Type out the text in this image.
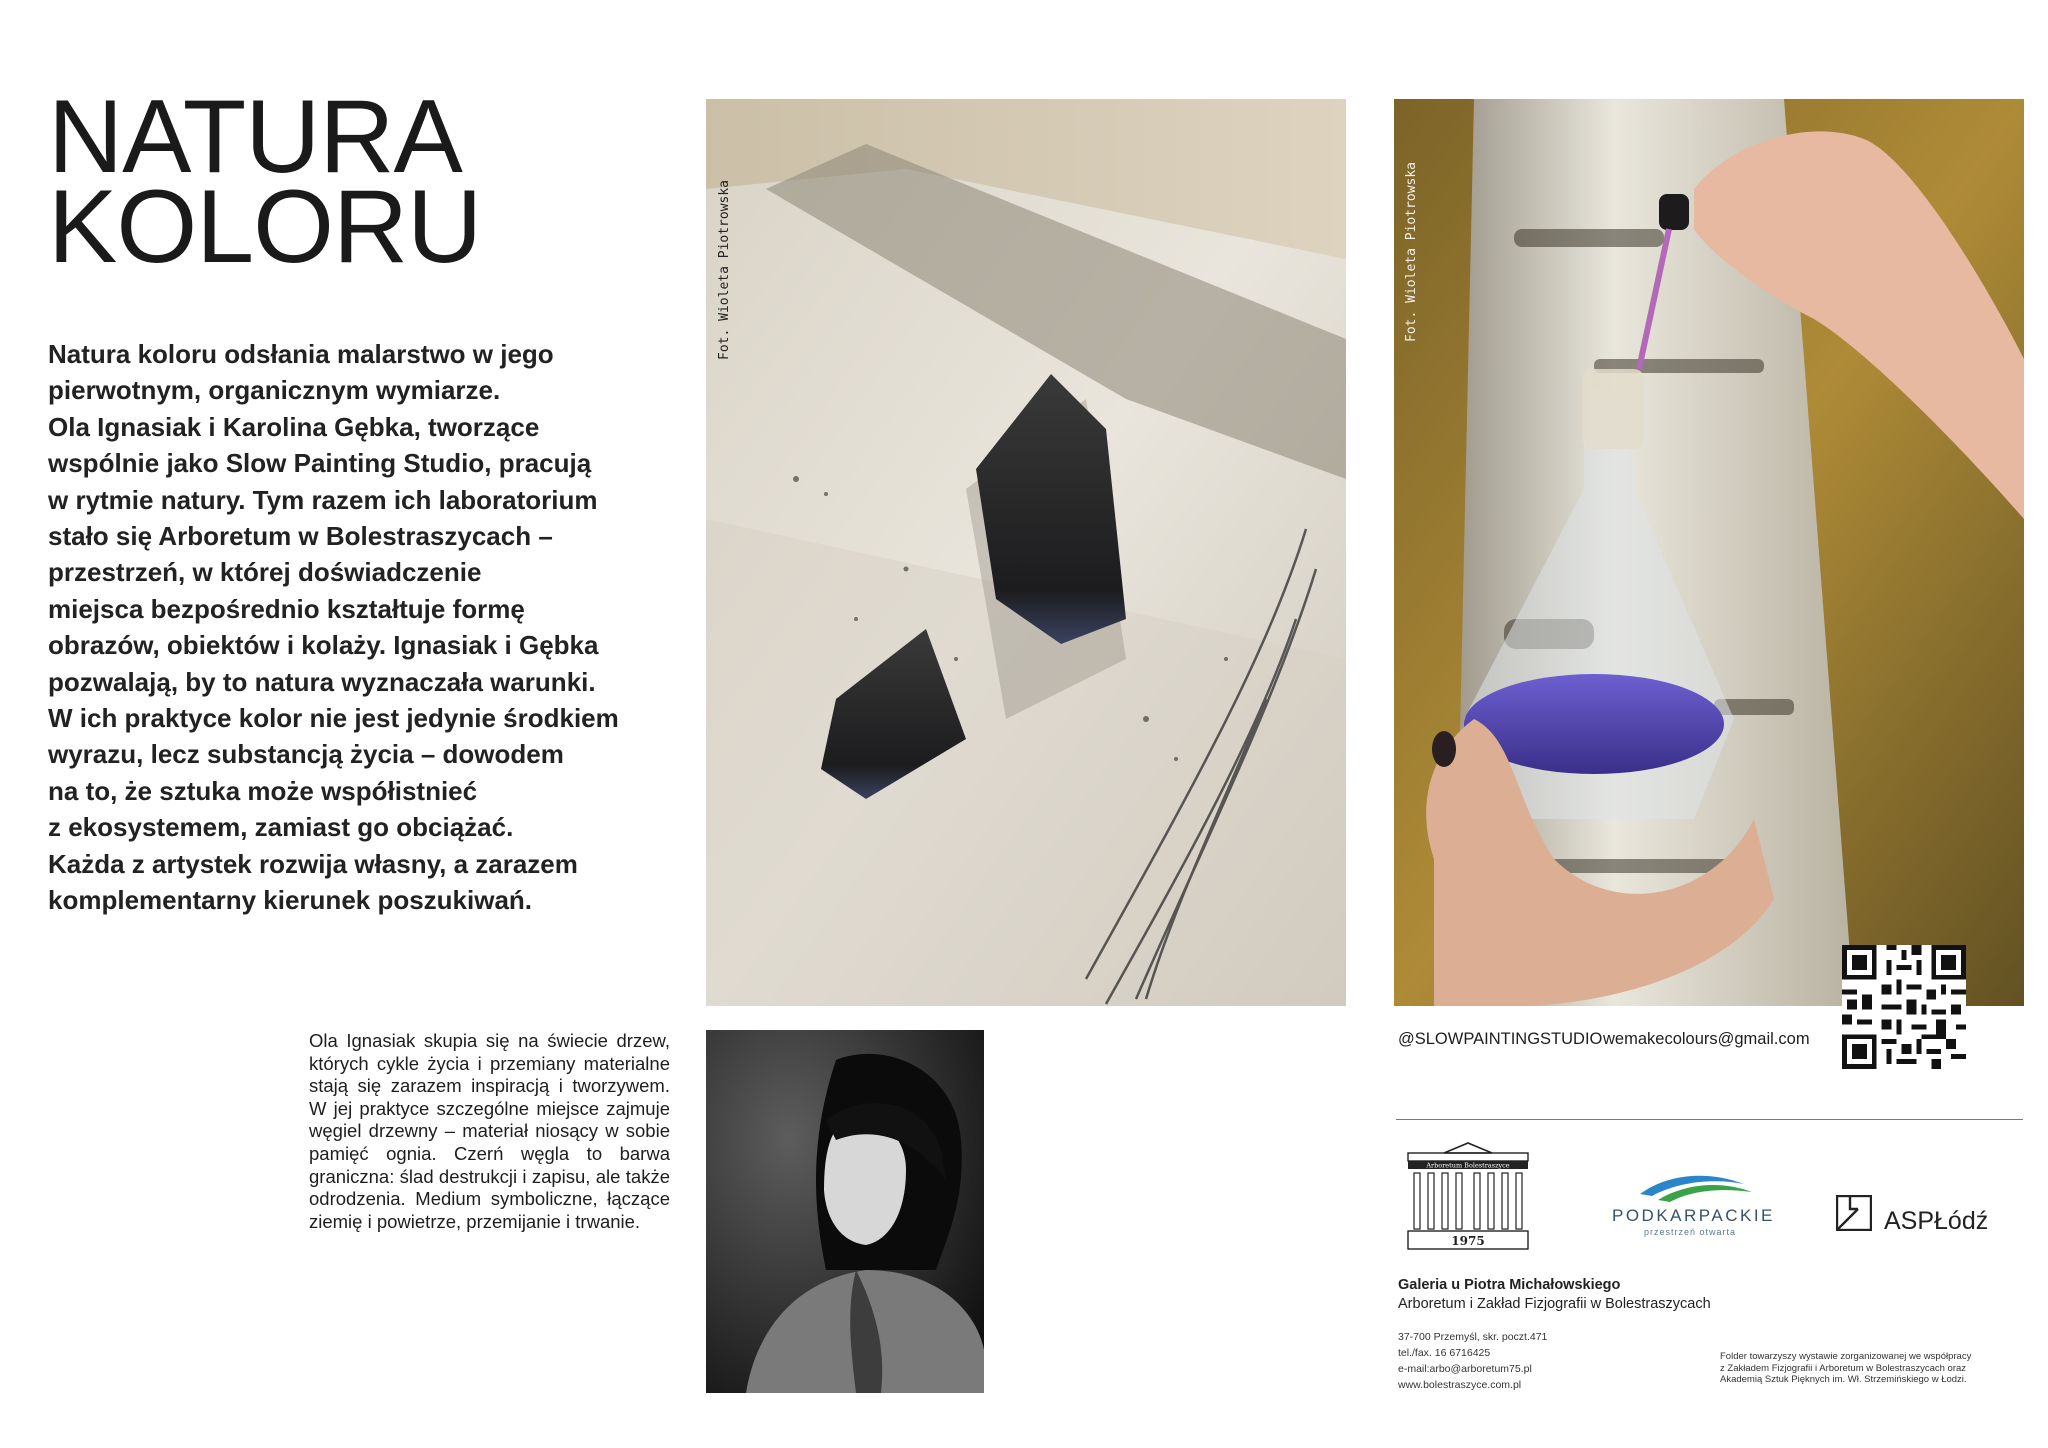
NATURA
KOLORU
Natura koloru odsłania malarstwo w jego
pierwotnym, organicznym wymiarze.
Ola Ignasiak i Karolina Gębka, tworzące
wspólnie jako Slow Painting Studio, pracują
w rytmie natury. Tym razem ich laboratorium
stało się Arboretum w Bolestraszycach –
przestrzeń, w której doświadczenie
miejsca bezpośrednio kształtuje formę
obrazów, obiektów i kolaży. Ignasiak i Gębka
pozwalają, by to natura wyznaczała warunki.
W ich praktyce kolor nie jest jedynie środkiem
wyrazu, lecz substancją życia – dowodem
na to, że sztuka może współistnieć
z ekosystemem, zamiast go obciążać.
Każda z artystek rozwija własny, a zarazem
komplementarny kierunek poszukiwań.
Ola Ignasiak skupia się na świecie drzew, których cykle życia i przemiany materialne stają się zarazem inspiracją i tworzywem. W jej praktyce szczególne miejsce zajmuje węgiel drzewny – materiał niosący w sobie pamięć ognia. Czerń węgla to barwa graniczna: ślad destrukcji i zapisu, ale także odrodzenia. Medium symboliczne, łączące ziemię i powietrze, przemijanie i trwanie.
Fot. Wioleta Piotrowska	Fot. Wioleta Piotrowska
@SLOWPAINTINGSTUDIO wemakecolours@gmail.com
Arboretum Bolestraszyce
1975
PODKARPACKIE
przestrzeń otwarta	ASPŁódź
Galeria u Piotra Michałowskiego
Arboretum i Zakład Fizjografii w Bolestraszycach
37-700 Przemyśl, skr. poczt.471
tel./fax. 16 6716425
e-mail:arbo@arboretum75.pl
www.bolestraszyce.com.pl
Folder towarzyszy wystawie zorganizowanej we współpracy
z Zakładem Fizjografii i Arboretum w Bolestraszycach oraz
Akademią Sztuk Pięknych im. Wł. Strzemińskiego w Łodzi.
